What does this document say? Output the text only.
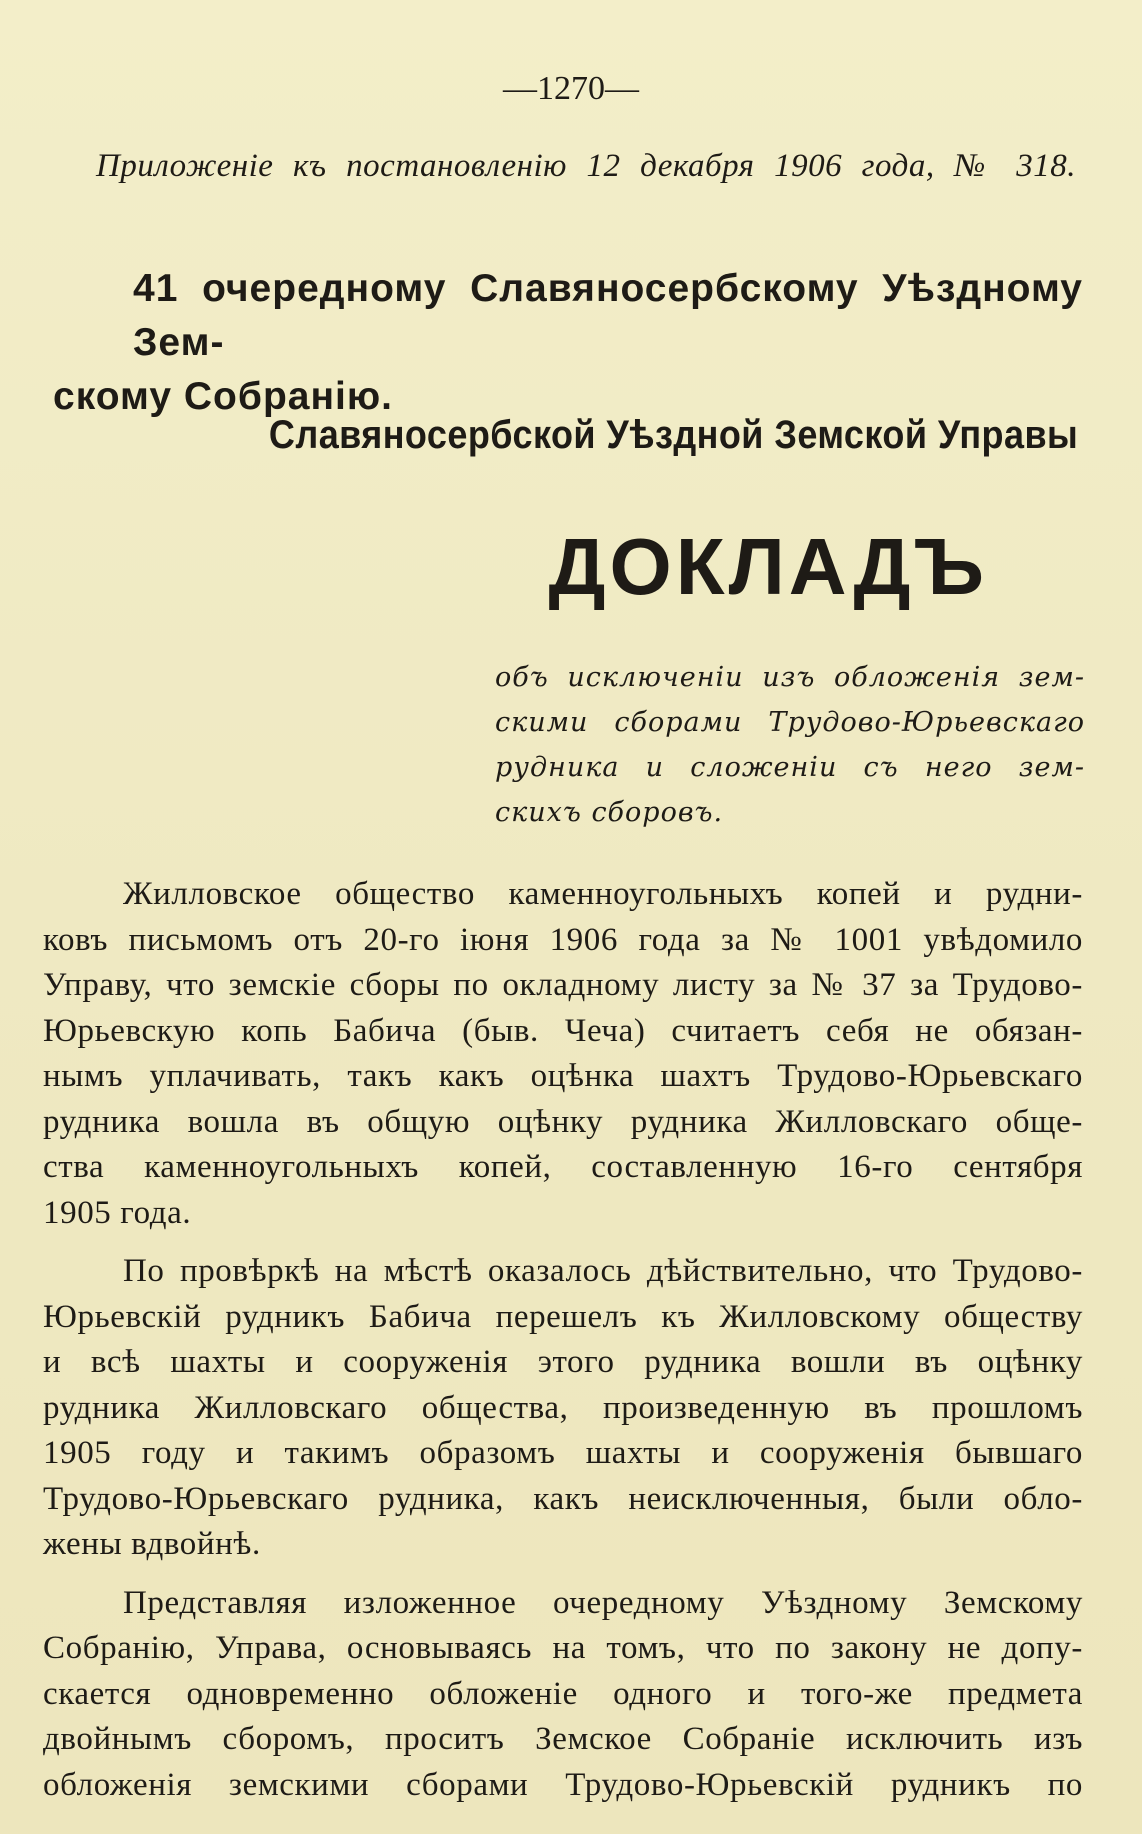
—1270—
Приложеніе къ постановленію 12 декабря 1906 года, № 318.
41 очередному Славяносербскому Уѣздному Зем-
скому Собранію.
Славяносербской Уѣздной Земской Управы
ДОКЛАДЪ
объ исключеніи изъ обложенія зем-
скими сборами Трудово-Юрьевскаго
рудника и сложеніи съ него зем-
скихъ сборовъ.
Жилловское общество каменноугольныхъ копей и рудни-
ковъ письмомъ отъ 20-го іюня 1906 года за № 1001 увѣдомило
Управу, что земскіе сборы по окладному листу за № 37 за Трудово-
Юрьевскую копь Бабича (быв. Чеча) считаетъ себя не обязан-
нымъ уплачивать, такъ какъ оцѣнка шахтъ Трудово-Юрьевскаго
рудника вошла въ общую оцѣнку рудника Жилловскаго обще-
ства каменноугольныхъ копей, составленную 16-го сентября
1905 года.
По провѣркѣ на мѣстѣ оказалось дѣйствительно, что Трудово-
Юрьевскій рудникъ Бабича перешелъ къ Жилловскому обществу
и всѣ шахты и сооруженія этого рудника вошли въ оцѣнку
рудника Жилловскаго общества, произведенную въ прошломъ
1905 году и такимъ образомъ шахты и сооруженія бывшаго
Трудово-Юрьевскаго рудника, какъ неисключенныя, были обло-
жены вдвойнѣ.
Представляя изложенное очередному Уѣздному Земскому
Собранію, Управа, основываясь на томъ, что по закону не допу-
скается одновременно обложеніе одного и того-же предмета
двойнымъ сборомъ, проситъ Земское Собраніе исключить изъ
обложенія земскими сборами Трудово-Юрьевскій рудникъ по
